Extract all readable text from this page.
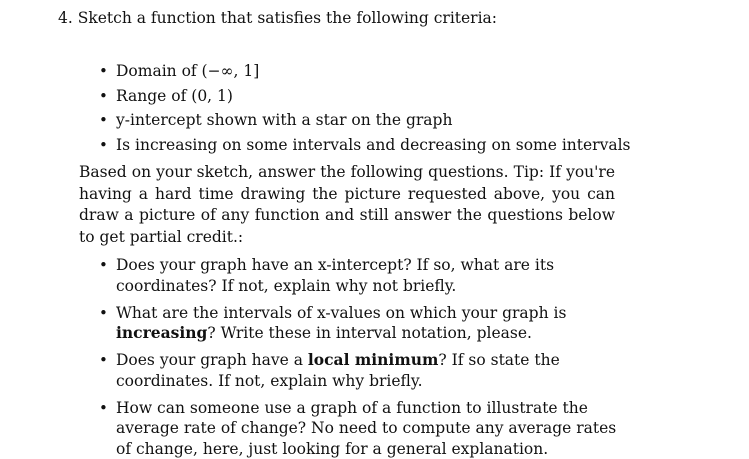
4. Sketch a function that satisfies the following criteria:
• Domain of (−∞, 1]
• Range of (0, 1)
• y-intercept shown with a star on the graph
• Is increasing on some intervals and decreasing on some intervals

Based on your sketch, answer the following questions. Tip: If you're having a hard time drawing the picture requested above, you can draw a picture of any function and still answer the questions below to get partial credit.:

• Does your graph have an x-intercept? If so, what are its coordinates? If not, explain why not briefly.
• What are the intervals of x-values on which your graph is increasing? Write these in interval notation, please.
• Does your graph have a local minimum? If so state the coordinates. If not, explain why briefly.
• How can someone use a graph of a function to illustrate the average rate of change? No need to compute any average rates of change, here, just looking for a general explanation.
